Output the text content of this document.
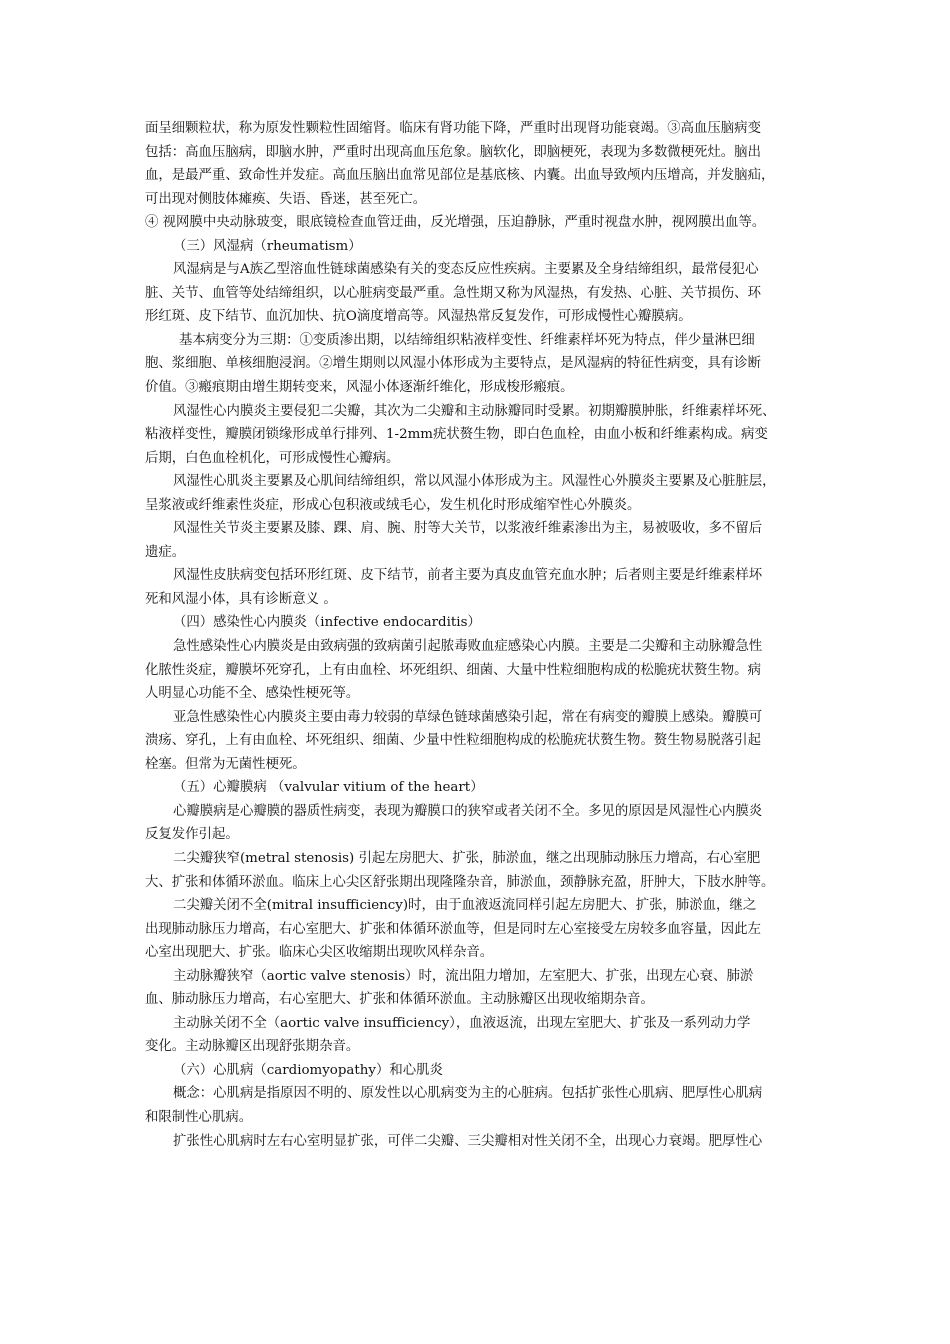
面呈细颗粒状，称为原发性颗粒性固缩肾。临床有肾功能下降，严重时出现肾功能衰竭。③高血压脑病变
包括：高血压脑病，即脑水肿，严重时出现高血压危象。脑软化，即脑梗死，表现为多数微梗死灶。脑出
血，是最严重、致命性并发症。高血压脑出血常见部位是基底核、内囊。出血导致颅内压增高，并发脑疝，
可出现对侧肢体瘫痪、失语、昏迷，甚至死亡。
④ 视网膜中央动脉玻变，眼底镜检查血管迂曲，反光增强，压迫静脉，严重时视盘水肿，视网膜出血等。
（三）风湿病（rheumatism）
风湿病是与A族乙型溶血性链球菌感染有关的变态反应性疾病。主要累及全身结缔组织，最常侵犯心
脏、关节、血管等处结缔组织，以心脏病变最严重。急性期又称为风湿热，有发热、心脏、关节损伤、环
形红斑、皮下结节、血沉加快、抗O滴度增高等。风湿热常反复发作，可形成慢性心瓣膜病。
基本病变分为三期：①变质渗出期，以结缔组织粘液样变性、纤维素样坏死为特点，伴少量淋巴细
胞、浆细胞、单核细胞浸润。②增生期则以风湿小体形成为主要特点，是风湿病的特征性病变，具有诊断
价值。③瘢痕期由增生期转变来，风湿小体逐渐纤维化，形成梭形瘢痕。
风湿性心内膜炎主要侵犯二尖瓣，其次为二尖瓣和主动脉瓣同时受累。初期瓣膜肿胀，纤维素样坏死、
粘液样变性，瓣膜闭锁缘形成单行排列、1-2mm疣状赘生物，即白色血栓，由血小板和纤维素构成。病变
后期，白色血栓机化，可形成慢性心瓣病。
风湿性心肌炎主要累及心肌间结缔组织，常以风湿小体形成为主。风湿性心外膜炎主要累及心脏脏层，
呈浆液或纤维素性炎症，形成心包积液或绒毛心，发生机化时形成缩窄性心外膜炎。
风湿性关节炎主要累及膝、踝、肩、腕、肘等大关节，以浆液纤维素渗出为主，易被吸收，多不留后
遗症。
风湿性皮肤病变包括环形红斑、皮下结节，前者主要为真皮血管充血水肿；后者则主要是纤维素样坏
死和风湿小体，具有诊断意义 。
（四）感染性心内膜炎（infective endocarditis）
急性感染性心内膜炎是由致病强的致病菌引起脓毒败血症感染心内膜。主要是二尖瓣和主动脉瓣急性
化脓性炎症，瓣膜坏死穿孔，上有由血栓、坏死组织、细菌、大量中性粒细胞构成的松脆疣状赘生物。病
人明显心功能不全、感染性梗死等。
亚急性感染性心内膜炎主要由毒力较弱的草绿色链球菌感染引起，常在有病变的瓣膜上感染。瓣膜可
溃疡、穿孔，上有由血栓、坏死组织、细菌、少量中性粒细胞构成的松脆疣状赘生物。赘生物易脱落引起
栓塞。但常为无菌性梗死。
（五）心瓣膜病 （valvular vitium of the heart）
心瓣膜病是心瓣膜的器质性病变，表现为瓣膜口的狭窄或者关闭不全。多见的原因是风湿性心内膜炎
反复发作引起。
二尖瓣狭窄(metral stenosis) 引起左房肥大、扩张，肺淤血，继之出现肺动脉压力增高，右心室肥
大、扩张和体循环淤血。临床上心尖区舒张期出现隆隆杂音，肺淤血，颈静脉充盈，肝肿大，下肢水肿等。
二尖瓣关闭不全(mitral insufficiency)时，由于血液返流同样引起左房肥大、扩张，肺淤血，继之
出现肺动脉压力增高，右心室肥大、扩张和体循环淤血等，但是同时左心室接受左房较多血容量，因此左
心室出现肥大、扩张。临床心尖区收缩期出现吹风样杂音。
主动脉瓣狭窄（aortic valve stenosis）时，流出阻力增加，左室肥大、扩张，出现左心衰、肺淤
血、肺动脉压力增高，右心室肥大、扩张和体循环淤血。主动脉瓣区出现收缩期杂音。
主动脉关闭不全（aortic valve insufficiency），血液返流，出现左室肥大、扩张及一系列动力学
变化。主动脉瓣区出现舒张期杂音。
（六）心肌病（cardiomyopathy）和心肌炎
概念：心肌病是指原因不明的、原发性以心肌病变为主的心脏病。包括扩张性心肌病、肥厚性心肌病
和限制性心肌病。
扩张性心肌病时左右心室明显扩张，可伴二尖瓣、三尖瓣相对性关闭不全，出现心力衰竭。肥厚性心
